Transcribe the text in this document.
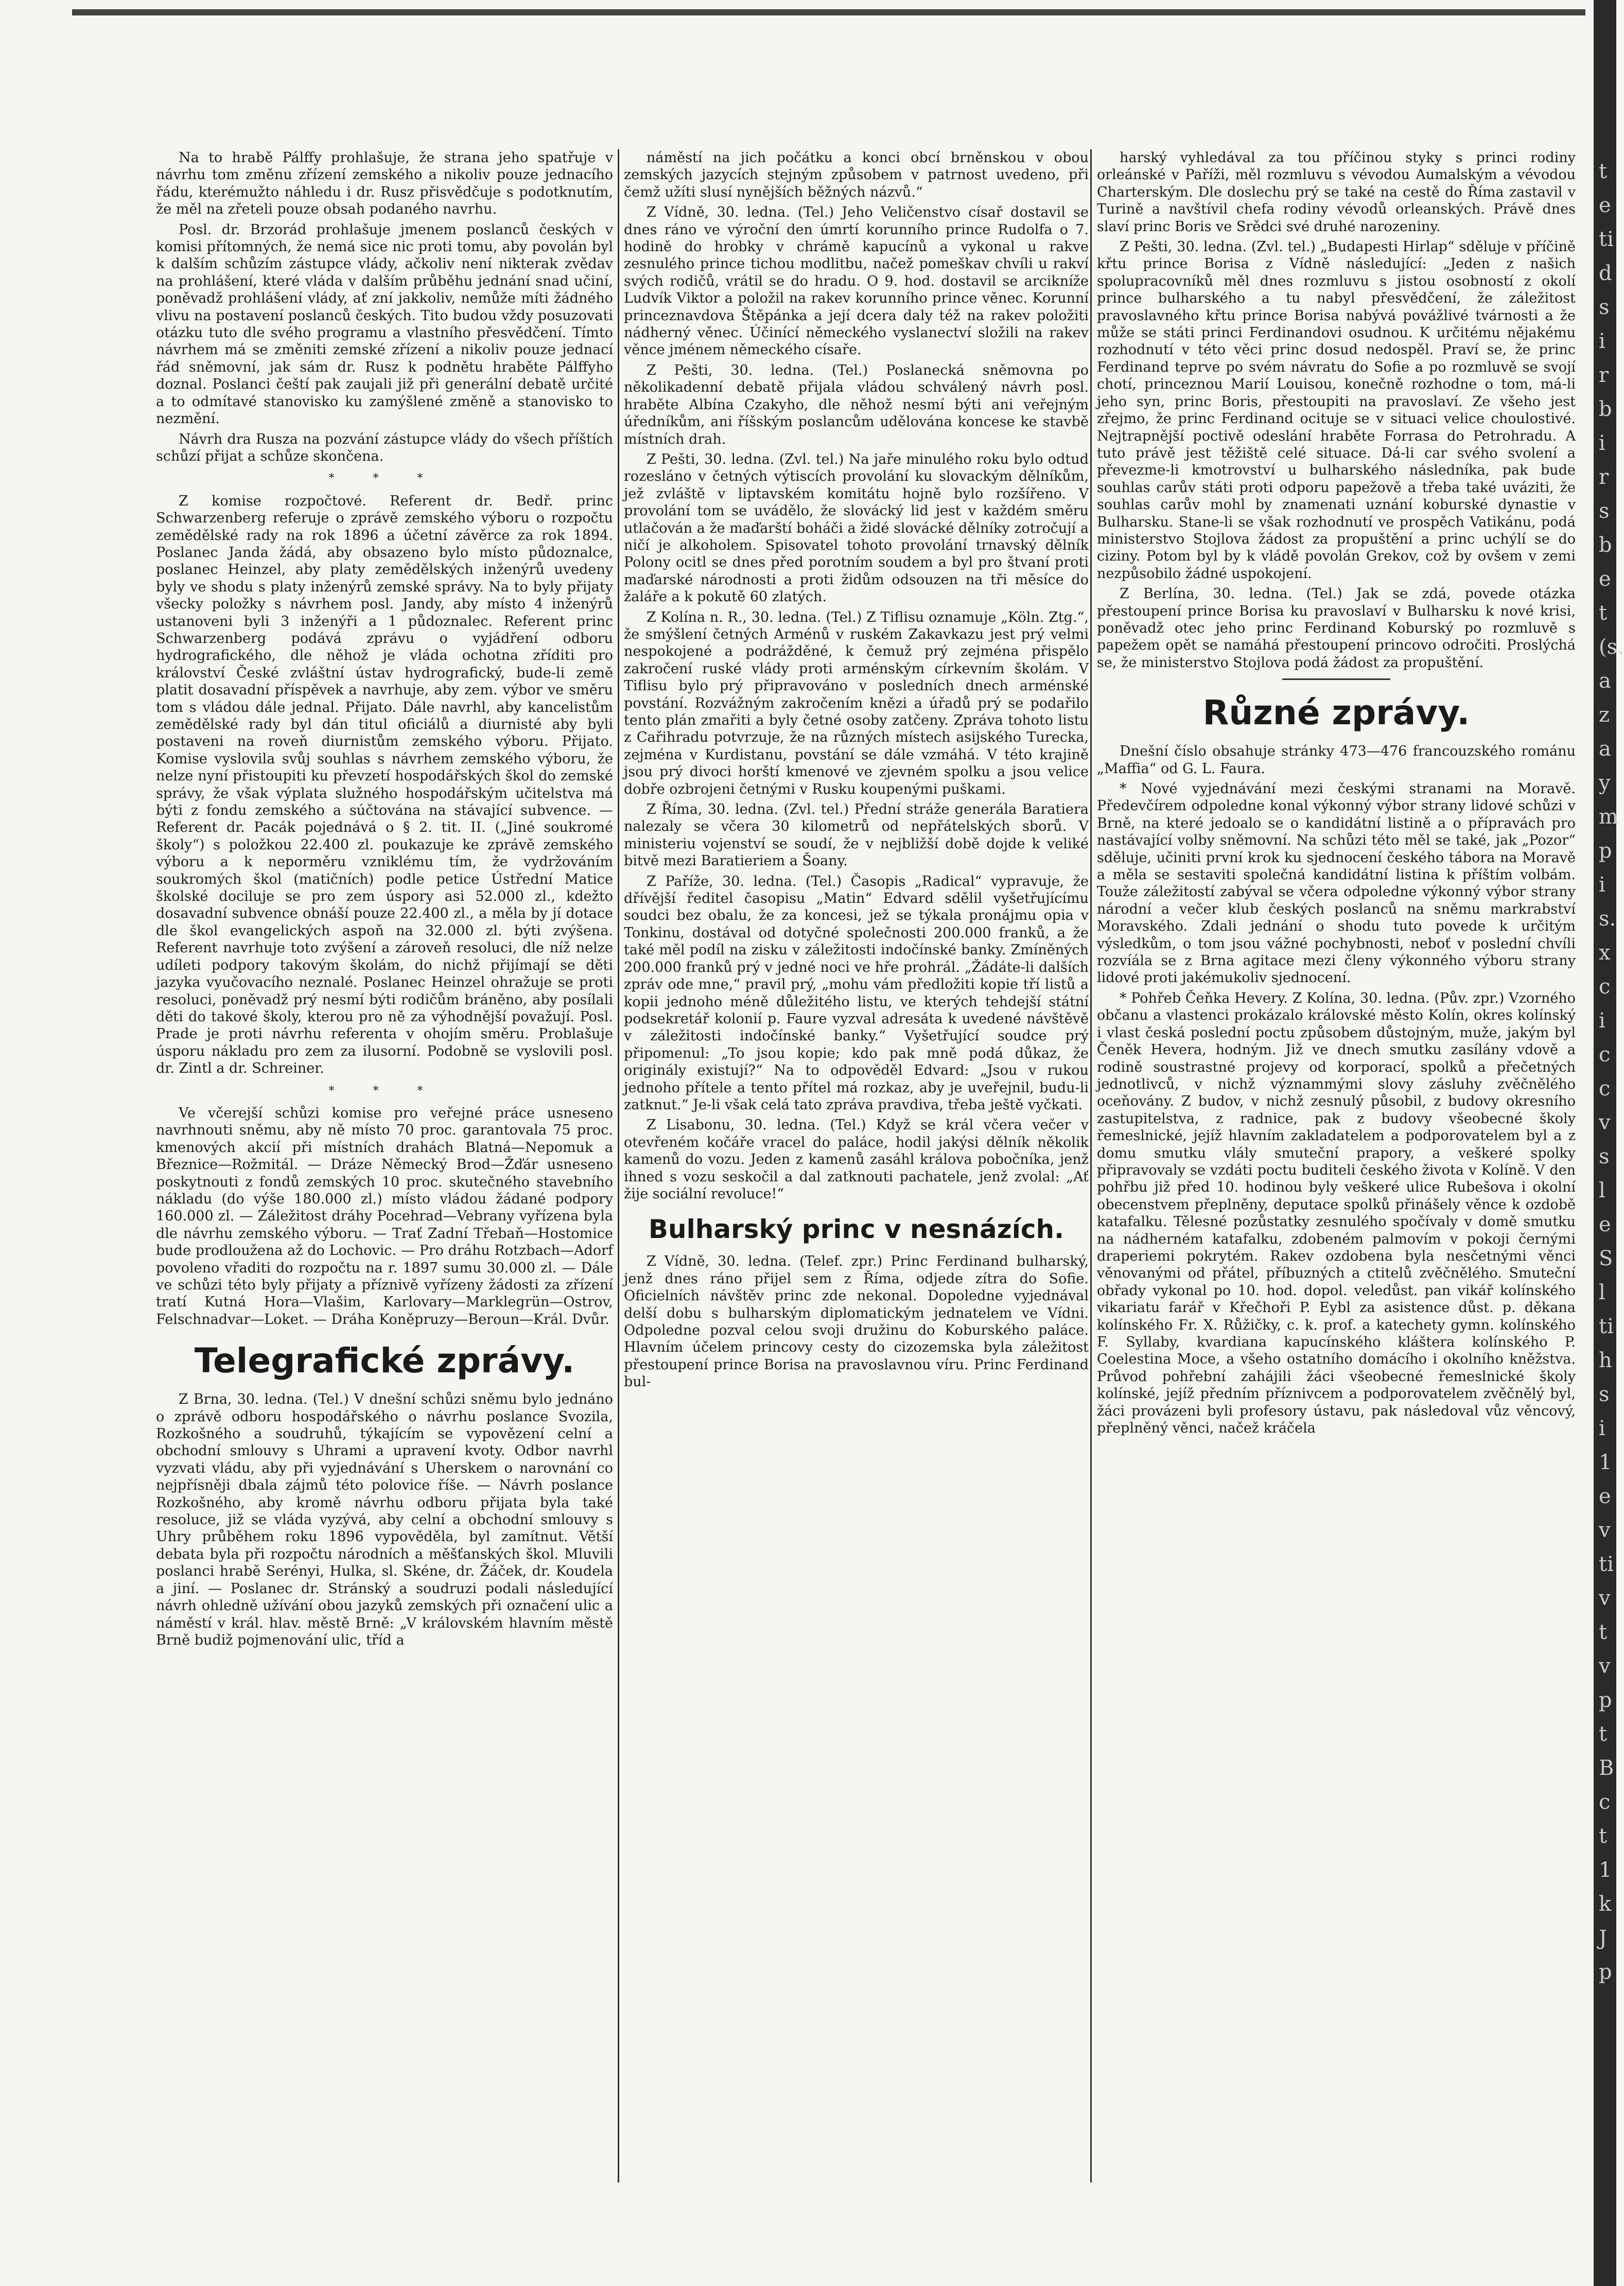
Na to hrabě Pálffy prohlašuje, že strana jeho spatřuje v návrhu tom změnu zřízení zemského a nikoliv pouze jednacího řádu, kterémužto náhledu i dr. Rusz přisvědčuje s podotknutím, že měl na zřeteli pouze obsah podaného navrhu.

Posl. dr. Brzorád prohlašuje jmenem poslanců českých v komisi přítomných, že nemá sice nic proti tomu, aby povolán byl k dalším schůzím zástupce vlády, ačkoliv není nikterak zvědav na prohlášení, které vláda v dalším průběhu jednání snad učiní, poněvadž prohlášení vlády, ať zní jakkoliv, nemůže míti žádného vlivu na postavení poslanců českých. Tito budou vždy posuzovati otázku tuto dle svého programu a vlastního přesvědčení. Tímto návrhem má se změniti zemské zřízení a nikoliv pouze jednací řád sněmovní, jak sám dr. Rusz k podnětu hraběte Pálffyho doznal. Poslanci čeští pak zaujali již při generální debatě určité a to odmítavé stanovisko ku zamýšlené změně a stanovisko to nezmění.

Návrh dra Rusza na pozvání zástupce vlády do všech příštích schůzí přijat a schůze skončena.

* * *

Z komise rozpočtové. Referent dr. Bedř. princ Schwarzenberg referuje o zprávě zemského výboru o rozpočtu zemědělské rady na rok 1896 a účetní závěrce za rok 1894. Poslanec Janda žádá, aby obsazeno bylo místo půdoznalce, poslanec Heinzel, aby platy zemědělských inženýrů uvedeny byly ve shodu s platy inženýrů zemské správy. Na to byly přijaty všecky položky s návrhem posl. Jandy, aby místo 4 inženýrů ustanoveni byli 3 inženýři a 1 půdoznalec. Referent princ Schwarzenberg podává zprávu o vyjádření odboru hydrografického, dle něhož je vláda ochotna zříditi pro království České zvláštní ústav hydrografický, bude-li země platit dosavadní příspěvek a navrhuje, aby zem. výbor ve směru tom s vládou dále jednal. Přijato. Dále navrhl, aby kancelistům zemědělské rady byl dán titul oficiálů a diurnisté aby byli postaveni na roveň diurnistům zemského výboru. Přijato. Komise vyslovila svůj souhlas s návrhem zemského výboru, že nelze nyní přistoupiti ku převzetí hospodářských škol do zemské správy, že však výplata služného hospodářským učitelstva má býti z fondu zemského a súčtována na stávající subvence. — Referent dr. Pacák pojednává o § 2. tit. II. („Jiné soukromé školy“) s položkou 22.400 zl. poukazuje ke zprávě zemského výboru a k neporměru vzniklému tím, že vydržováním soukromých škol (matičních) podle petice Ústřední Matice školské dociluje se pro zem úspory asi 52.000 zl., kdežto dosavadní subvence obnáší pouze 22.400 zl., a měla by jí dotace dle škol evangelických aspoň na 32.000 zl. býti zvýšena. Referent navrhuje toto zvýšení a zároveň resoluci, dle níž nelze udíleti podpory takovým školám, do nichž přijímají se děti jazyka vyučovacího neznalé. Poslanec Heinzel ohražuje se proti resoluci, poněvadž prý nesmí býti rodičům bráněno, aby posílali děti do takové školy, kterou pro ně za výhodnější považují. Posl. Prade je proti návrhu referenta v ohojím směru. Problašuje úsporu nákladu pro zem za ilusorní. Podobně se vyslovili posl. dr. Zintl a dr. Schreiner.

* * *

Ve včerejší schůzi komise pro veřejné práce usneseno navrhnouti sněmu, aby ně místo 70 proc. garantovala 75 proc. kmenových akcií při místních drahách Blatná—Nepomuk a Březnice—Rožmitál. — Dráze Německý Brod—Žďár usneseno poskytnouti z fondů zemských 10 proc. skutečného stavebního nákladu (do výše 180.000 zl.) místo vládou žádané podpory 160.000 zl. — Záležitost dráhy Pocehrad—Vebrany vyřízena byla dle návrhu zemského výboru. — Trať Zadní Třebaň—Hostomice bude prodloužena až do Lochovic. — Pro dráhu Rotzbach—Adorf povoleno vřaditi do rozpočtu na r. 1897 sumu 30.000 zl. — Dále ve schůzi této byly přijaty a příznivě vyřízeny žádosti za zřízení tratí Kutná Hora—Vlašim, Karlovary—Marklegrün—Ostrov, Felschnadvar—Loket. — Dráha Koněpruzy—Beroun—Král. Dvůr.

Telegrafické zprávy.

Z Brna, 30. ledna. (Tel.) V dnešní schůzi sněmu bylo jednáno o zprávě odboru hospodářského o návrhu poslance Svozila, Rozkošného a soudruhů, týkajícím se vypovězení celní a obchodní smlouvy s Uhrami a upravení kvoty. Odbor navrhl vyzvati vládu, aby při vyjednávání s Uherskem o narovnání co nejpřísněji dbala zájmů této polovice říše. — Návrh poslance Rozkošného, aby kromě návrhu odboru přijata byla také resoluce, již se vláda vyzývá, aby celní a obchodní smlouvy s Uhry průběhem roku 1896 vypověděla, byl zamítnut. Větší debata byla při rozpočtu národních a měšťanských škol. Mluvili poslanci hrabě Serényi, Hulka, sl. Skéne, dr. Žáček, dr. Koudela a jiní. — Poslanec dr. Stránský a soudruzi podali následující návrh ohledně užívání obou jazyků zemských při označení ulic a náměstí v král. hlav. městě Brně: „V královském hlavním městě Brně budiž pojmenování ulic, tříd a

náměstí na jich počátku a konci obcí brněnskou v obou zemských jazycích stejným způsobem v patrnost uvedeno, při čemž užíti slusí nynějších běžných názvů.“

Z Vídně, 30. ledna. (Tel.) Jeho Veličenstvo císař dostavil se dnes ráno ve výroční den úmrtí korunního prince Rudolfa o 7. hodině do hrobky v chrámě kapucínů a vykonal u rakve zesnulého prince tichou modlitbu, načež pomeškav chvíli u rakví svých rodičů, vrátil se do hradu. O 9. hod. dostavil se arcikníže Ludvík Viktor a položil na rakev korunního prince věnec. Korunní princeznavdova Štěpánka a její dcera daly též na rakev položiti nádherný věnec. Účinící německého vyslanectví složili na rakev věnce jménem německého císaře.

Z Pešti, 30. ledna. (Tel.) Poslanecká sněmovna po několikadenní debatě přijala vládou schválený návrh posl. hraběte Albína Czakyho, dle něhož nesmí býti ani veřejným úředníkům, ani říšským poslancům udělována koncese ke stavbě místních drah.

Z Pešti, 30. ledna. (Zvl. tel.) Na jaře minulého roku bylo odtud rozesláno v četných výtiscích provolání ku slovackým dělníkům, jež zvláště v liptavském komitátu hojně bylo rozšířeno. V provolání tom se uvádělo, že slovácký lid jest v každém směru utlačován a že maďarští boháči a židé slovácké dělníky zotročují a ničí je alkoholem. Spisovatel tohoto provolání trnavský dělník Polony ocitl se dnes před porotním soudem a byl pro štvaní proti maďarské národnosti a proti židům odsouzen na tři měsíce do žaláře a k pokutě 60 zlatých.

Z Kolína n. R., 30. ledna. (Tel.) Z Tiflisu oznamuje „Köln. Ztg.“, že smýšlení četných Arménů v ruském Zakavkazu jest prý velmi nespokojené a podrážděné, k čemuž prý zejména přispělo zakročení ruské vlády proti arménským církevním školám. V Tiflisu bylo prý připravováno v posledních dnech arménské povstání. Rozvážným zakročením knězi a úřadů prý se podařilo tento plán zmařiti a byly četné osoby zatčeny. Zpráva tohoto listu z Cařihradu potvrzuje, že na různých místech asijského Turecka, zejména v Kurdistanu, povstání se dále vzmáhá. V této krajině jsou prý divoci horští kmenové ve zjevném spolku a jsou velice dobře ozbrojeni četnými v Rusku koupenými puškami.

Z Říma, 30. ledna. (Zvl. tel.) Přední stráže generála Baratiera nalezaly se včera 30 kilometrů od nepřátelských sborů. V ministeriu vojenství se soudí, že v nejbližší době dojde k veliké bitvě mezi Baratieriem a Šoany.

Z Paříže, 30. ledna. (Tel.) Časopis „Radical“ vypravuje, že dřívější ředitel časopisu „Matin“ Edvard sdělil vyšetřujícímu soudci bez obalu, že za koncesi, jež se týkala pronájmu opia v Tonkinu, dostával od dotyčné společnosti 200.000 franků, a že také měl podíl na zisku v záležitosti indočínské banky. Zmíněných 200.000 franků prý v jedné noci ve hře prohrál. „Žádáte-li dalších zpráv ode mne,“ pravil prý, „mohu vám předložiti kopie tří listů a kopii jednoho méně důležitého listu, ve kterých tehdejší státní podsekretář kolonií p. Faure vyzval adresáta k uvedené návštěvě v záležitosti indočínské banky.“ Vyšetřující soudce prý připomenul: „To jsou kopie; kdo pak mně podá důkaz, že originály existují?“ Na to odpověděl Edvard: „Jsou v rukou jednoho přítele a tento přítel má rozkaz, aby je uveřejnil, budu-li zatknut.“ Je-li však celá tato zpráva pravdiva, třeba ještě vyčkati.

Z Lisabonu, 30. ledna. (Tel.) Když se král včera večer v otevřeném kočáře vracel do paláce, hodil jakýsi dělník několik kamenů do vozu. Jeden z kamenů zasáhl králova pobočníka, jenž ihned s vozu seskočil a dal zatknouti pachatele, jenž zvolal: „Ať žije sociální revoluce!“

Bulharský princ v nesnázích.

Z Vídně, 30. ledna. (Telef. zpr.) Princ Ferdinand bulharský, jenž dnes ráno přijel sem z Říma, odjede zítra do Sofie. Oficielních návštěv princ zde nekonal. Dopoledne vyjednával delší dobu s bulharským diplomatickým jednatelem ve Vídni. Odpoledne pozval celou svoji družinu do Koburského paláce. Hlavním účelem princovy cesty do cizozemska byla záležitost přestoupení prince Borisa na pravoslavnou víru. Princ Ferdinand bul-

harský vyhledával za tou příčinou styky s princi rodiny orleánské v Paříži, měl rozmluvu s vévodou Aumalským a vévodou Charterským. Dle doslechu prý se také na cestě do Říma zastavil v Turině a navštívil chefa rodiny vévodů orleanských. Právě dnes slaví princ Boris ve Srědci své druhé narozeniny.

Z Pešti, 30. ledna. (Zvl. tel.) „Budapesti Hirlap“ sděluje v příčině křtu prince Borisa z Vídně následující: „Jeden z našich spolupracovníků měl dnes rozmluvu s jistou osobností z okolí prince bulharského a tu nabyl přesvědčení, že záležitost pravoslavného křtu prince Borisa nabývá povážlivé tvárnosti a že může se státi princi Ferdinandovi osudnou. K určitému nějakému rozhodnutí v této věci princ dosud nedospěl. Praví se, že princ Ferdinand teprve po svém návratu do Sofie a po rozmluvě se svojí chotí, princeznou Marií Louisou, konečně rozhodne o tom, má-li jeho syn, princ Boris, přestoupiti na pravoslaví. Ze všeho jest zřejmo, že princ Ferdinand ocituje se v situaci velice choulostivé. Nejtrapnější poctivě odeslání hraběte Forrasa do Petrohradu. A tuto právě jest těžiště celé situace. Dá-li car svého svolení a převezme-li kmotrovství u bulharského následníka, pak bude souhlas carův státi proti odporu papežově a třeba také uváziti, že souhlas carův mohl by znamenati uznání koburské dynastie v Bulharsku. Stane-li se však rozhodnutí ve prospěch Vatikánu, podá ministerstvo Stojlova žádost za propuštění a princ uchýlí se do ciziny. Potom byl by k vládě povolán Grekov, což by ovšem v zemi nezpůsobilo žádné uspokojení.

Z Berlína, 30. ledna. (Tel.) Jak se zdá, povede otázka přestoupení prince Borisa ku pravoslaví v Bulharsku k nové krisi, poněvadž otec jeho princ Ferdinand Koburský po rozmluvě s papežem opět se namáhá přestoupení princovo odročiti. Proslýchá se, že ministerstvo Stojlova podá žádost za propuštění.

Různé zprávy.

Dnešní číslo obsahuje stránky 473—476 francouzského románu „Maffia“ od G. L. Faura.

* Nové vyjednávání mezi českými stranami na Moravě. Předevčírem odpoledne konal výkonný výbor strany lidové schůzi v Brně, na které jedoalo se o kandidátní listině a o přípravách pro nastávající volby sněmovní. Na schůzi této měl se také, jak „Pozor“ sděluje, učiniti první krok ku sjednocení českého tábora na Moravě a měla se sestaviti společná kandidátní listina k příštím volbám. Touže záležitostí zabýval se včera odpoledne výkonný výbor strany národní a večer klub českých poslanců na sněmu markrabství Moravského. Zdali jednání o shodu tuto povede k určitým výsledkům, o tom jsou vážné pochybnosti, neboť v poslední chvíli rozvíála se z Brna agitace mezi členy výkonného výboru strany lidové proti jakémukoliv sjednocení.

* Pohřeb Čeňka Hevery. Z Kolína, 30. ledna. (Pův. zpr.) Vzorného občanu a vlastenci prokázalo královské město Kolín, okres kolínský i vlast česká poslední poctu způsobem důstojným, muže, jakým byl Čeněk Hevera, hodným. Již ve dnech smutku zasílány vdově a rodině soustrastné projevy od korporací, spolků a přečetných jednotlivců, v nichž význammými slovy zásluhy zvěčnělého oceňovány. Z budov, v nichž zesnulý působil, z budovy okresního zastupitelstva, z radnice, pak z budovy všeobecné školy řemeslnické, jejíž hlavním zakladatelem a podporovatelem byl a z domu smutku vlály smuteční prapory, a veškeré spolky připravovaly se vzdáti poctu buditeli českého života v Kolíně. V den pohřbu již před 10. hodinou byly veškeré ulice Rubešova i okolní obecenstvem přeplněny, deputace spolků přinášely věnce k ozdobě katafalku. Tělesné pozůstatky zesnulého spočívaly v domě smutku na nádherném katafalku, zdobeném palmovím v pokoji černými draperiemi pokrytém. Rakev ozdobena byla nesčetnými věnci věnovanými od přátel, příbuzných a ctitelů zvěčnělého. Smuteční obřady vykonal po 10. hod. dopol. veledůst. pan vikář kolínského vikariatu farář v Křečhoři P. Eybl za asistence důst. p. děkana kolínského Fr. X. Růžičky, c. k. prof. a katechety gymn. kolínského F. Syllaby, kvardiana kapucínského kláštera kolínského P. Coelestina Moce, a všeho ostatního domácího i okolního kněžstva. Průvod pohřební zahájili žáci všeobecné řemeslnické školy kolínské, jejíž předním příznivcem a podporovatelem zvěčnělý byl, žáci provázeni byli profesory ústavu, pak následoval vůz věncový, přeplněný věnci, načež kráčela

te ti ds ir b ir s be t(s. a z a y m pi s. x ci cc v s le S l ti h si 1 e v ti v t v p t B c t 1 k J p
